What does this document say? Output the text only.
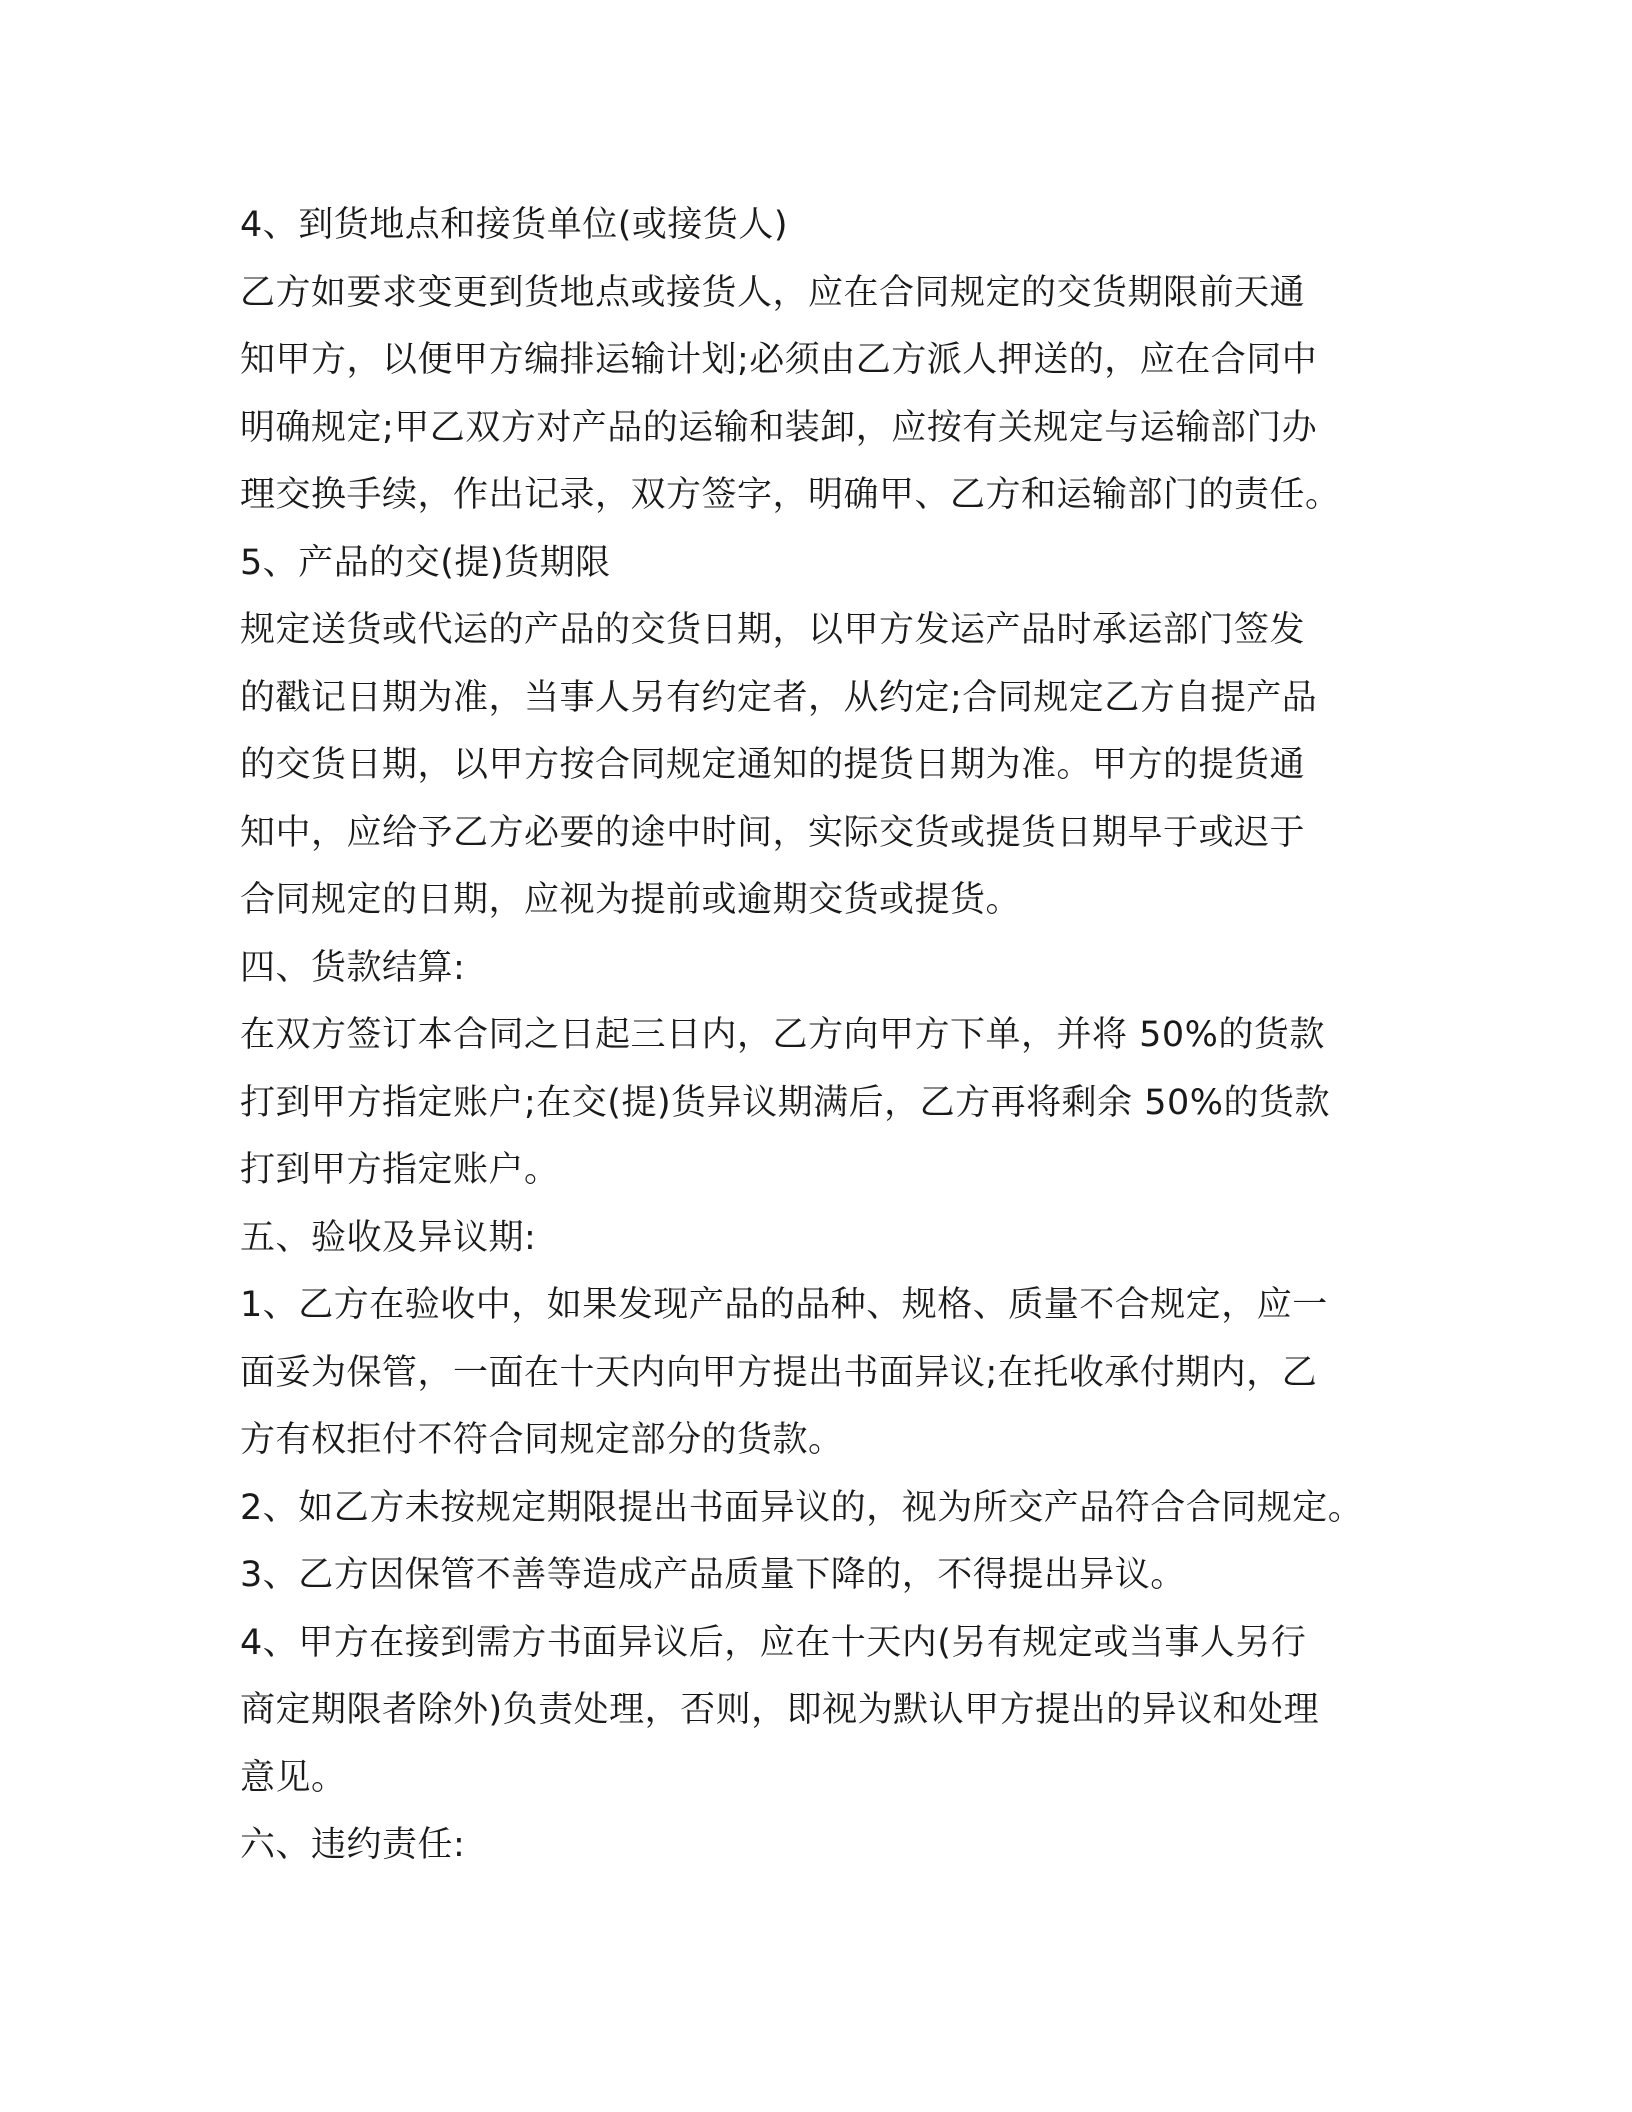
4、到货地点和接货单位(或接货人)
乙方如要求变更到货地点或接货人，应在合同规定的交货期限前天通
知甲方，以便甲方编排运输计划;必须由乙方派人押送的，应在合同中
明确规定;甲乙双方对产品的运输和装卸，应按有关规定与运输部门办
理交换手续，作出记录，双方签字，明确甲、乙方和运输部门的责任。
5、产品的交(提)货期限
规定送货或代运的产品的交货日期，以甲方发运产品时承运部门签发
的戳记日期为准，当事人另有约定者，从约定;合同规定乙方自提产品
的交货日期，以甲方按合同规定通知的提货日期为准。甲方的提货通
知中，应给予乙方必要的途中时间，实际交货或提货日期早于或迟于
合同规定的日期，应视为提前或逾期交货或提货。
四、货款结算:
在双方签订本合同之日起三日内，乙方向甲方下单，并将 50%的货款
打到甲方指定账户;在交(提)货异议期满后，乙方再将剩余 50%的货款
打到甲方指定账户。
五、验收及异议期:
1、乙方在验收中，如果发现产品的品种、规格、质量不合规定，应一
面妥为保管，一面在十天内向甲方提出书面异议;在托收承付期内，乙
方有权拒付不符合同规定部分的货款。
2、如乙方未按规定期限提出书面异议的，视为所交产品符合合同规定。
3、乙方因保管不善等造成产品质量下降的，不得提出异议。
4、甲方在接到需方书面异议后，应在十天内(另有规定或当事人另行
商定期限者除外)负责处理，否则，即视为默认甲方提出的异议和处理
意见。
六、违约责任:
